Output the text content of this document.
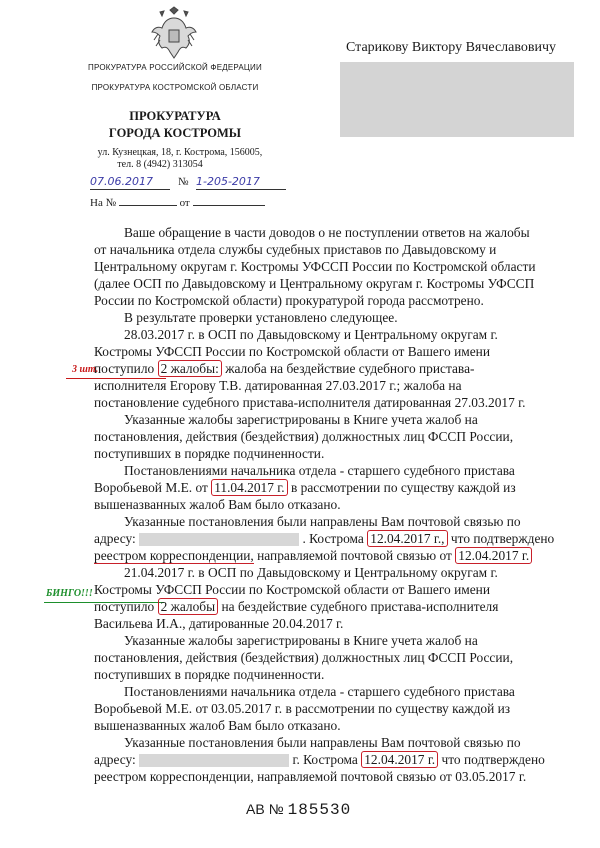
ПРОКУРАТУРА РОССИЙСКОЙ ФЕДЕРАЦИИ
ПРОКУРАТУРА КОСТРОМСКОЙ ОБЛАСТИ
ПРОКУРАТУРА
ГОРОДА КОСТРОМЫ
ул. Кузнецкая, 18, г. Кострома, 156005,
тел. 8 (4942) 313054
07.06.2017	№ 1-205-2017
На №	от
Старикову Виктору Вячеславовичу
3 шт.
БИНГО!!!
Ваше обращение в части доводов о не поступлении ответов на жалобы
от начальника отдела службы судебных приставов по Давыдовскому и
Центральному округам г. Костромы УФССП России по Костромской области
(далее ОСП по Давыдовскому и Центральному округам г. Костромы УФССП
России по Костромской области) прокуратурой города рассмотрено.
В результате проверки установлено следующее.
28.03.2017 г. в ОСП по Давыдовскому и Центральному округам г.
Костромы УФССП России по Костромской области от Вашего имени
поступило 2 жалобы: жалоба на бездействие судебного пристава-
исполнителя Егорову Т.В. датированная 27.03.2017 г.; жалоба на
постановление судебного пристава-исполнителя датированная 27.03.2017 г.
Указанные жалобы зарегистрированы в Книге учета жалоб на
постановления, действия (бездействия) должностных лиц ФССП России,
поступивших в порядке подчиненности.
Постановлениями начальника отдела - старшего судебного пристава
Воробьевой М.Е. от 11.04.2017 г. в рассмотрении по существу каждой из
вышеназванных жалоб Вам было отказано.
Указанные постановления были направлены Вам почтовой связью по
адресу:	. Кострома 12.04.2017 г., что подтверждено
реестром корреспонденции, направляемой почтовой связью от 12.04.2017 г.
21.04.2017 г. в ОСП по Давыдовскому и Центральному округам г.
Костромы УФССП России по Костромской области от Вашего имени
поступило 2 жалобы на бездействие судебного пристава-исполнителя
Васильева И.А., датированные 20.04.2017 г.
Указанные жалобы зарегистрированы в Книге учета жалоб на
постановления, действия (бездействия) должностных лиц ФССП России,
поступивших в порядке подчиненности.
Постановлениями начальника отдела - старшего судебного пристава
Воробьевой М.Е. от 03.05.2017 г. в рассмотрении по существу каждой из
вышеназванных жалоб Вам было отказано.
Указанные постановления были направлены Вам почтовой связью по
адресу:	г. Кострома 12.04.2017 г. что подтверждено
реестром корреспонденции, направляемой почтовой связью от 03.05.2017 г.
АВ № 185530
